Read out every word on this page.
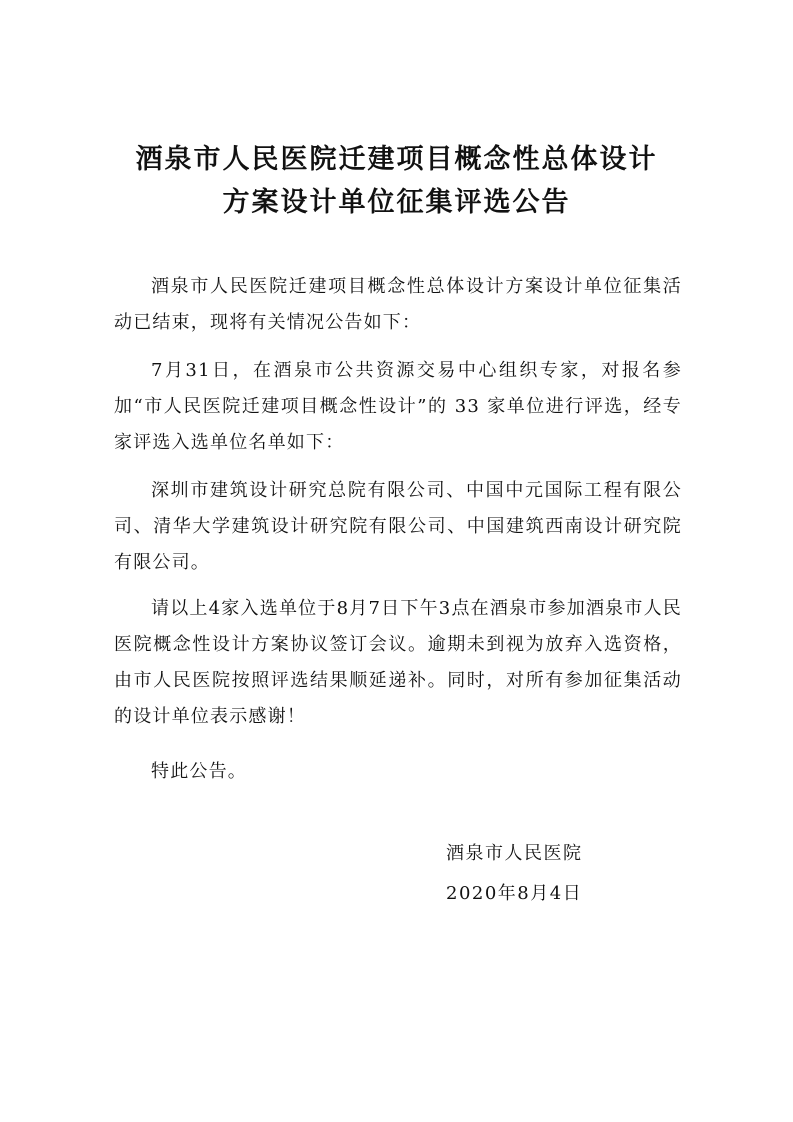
酒泉市人民医院迁建项目概念性总体设计
方案设计单位征集评选公告

酒泉市人民医院迁建项目概念性总体设计方案设计单位征集活动已结束，现将有关情况公告如下：

7月31日，在酒泉市公共资源交易中心组织专家，对报名参加“市人民医院迁建项目概念性设计”的 33 家单位进行评选，经专家评选入选单位名单如下：

深圳市建筑设计研究总院有限公司、中国中元国际工程有限公司、清华大学建筑设计研究院有限公司、中国建筑西南设计研究院有限公司。

请以上4家入选单位于8月7日下午3点在酒泉市参加酒泉市人民医院概念性设计方案协议签订会议。逾期未到视为放弃入选资格，由市人民医院按照评选结果顺延递补。同时，对所有参加征集活动的设计单位表示感谢！

特此公告。

酒泉市人民医院
2020年8月4日
